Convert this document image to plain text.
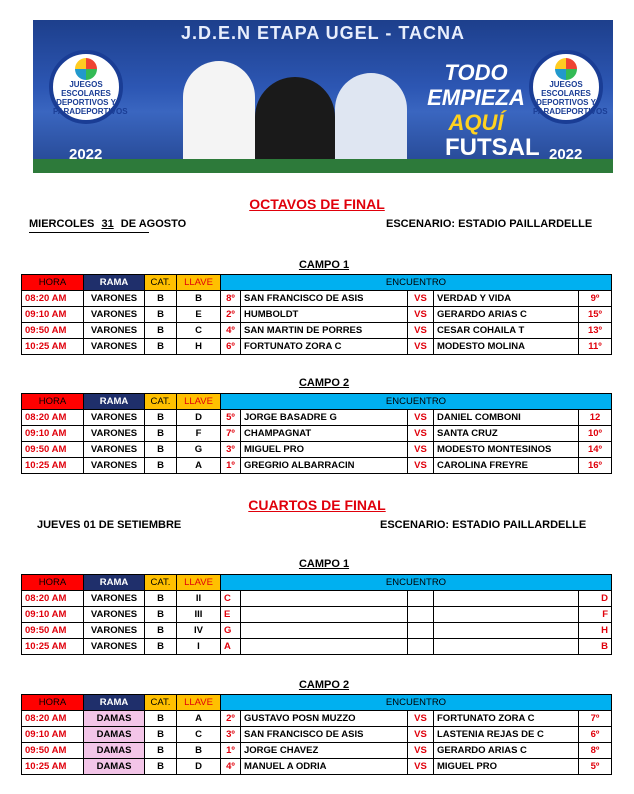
J.D.E.N ETAPA UGEL - TACNA
JUEGOS ESCOLARES DEPORTIVOS Y PARADEPORTIVOS
2022
JUEGOS ESCOLARES DEPORTIVOS Y PARADEPORTIVOS
2022
TODO
EMPIEZA
AQUÍ
FUTSAL
OCTAVOS DE FINAL
MIERCOLES 31 DE AGOSTO	ESCENARIO: ESTADIO PAILLARDELLE
CAMPO 1
HORA	RAMA	CAT.	LLAVE	ENCUENTRO				
08:20 AM	VARONES	B	B	8º	SAN FRANCISCO DE ASIS	VS	VERDAD Y VIDA	9º
09:10 AM	VARONES	B	E	2º	HUMBOLDT	VS	GERARDO ARIAS C	15º
09:50 AM	VARONES	B	C	4º	SAN MARTIN DE PORRES	VS	CESAR COHAILA T	13º
10:25 AM	VARONES	B	H	6º	FORTUNATO ZORA C	VS	MODESTO MOLINA	11º
CAMPO 2
HORA	RAMA	CAT.	LLAVE	ENCUENTRO				
08:20 AM	VARONES	B	D	5º	JORGE BASADRE G	VS	DANIEL COMBONI	12
09:10 AM	VARONES	B	F	7º	CHAMPAGNAT	VS	SANTA CRUZ	10º
09:50 AM	VARONES	B	G	3º	MIGUEL PRO	VS	MODESTO MONTESINOS	14º
10:25 AM	VARONES	B	A	1º	GREGRIO ALBARRACIN	VS	CAROLINA FREYRE	16º
CUARTOS DE FINAL
JUEVES 01 DE SETIEMBRE	ESCENARIO: ESTADIO PAILLARDELLE
CAMPO 1
HORA	RAMA	CAT.	LLAVE	ENCUENTRO				
08:20 AM	VARONES	B	II	C				D
09:10 AM	VARONES	B	III	E				F
09:50 AM	VARONES	B	IV	G				H
10:25 AM	VARONES	B	I	A				B
CAMPO 2
HORA	RAMA	CAT.	LLAVE	ENCUENTRO				
08:20 AM	DAMAS	B	A	2º	GUSTAVO POSN MUZZO	VS	FORTUNATO ZORA C	7º
09:10 AM	DAMAS	B	C	3º	SAN FRANCISCO DE ASIS	VS	LASTENIA REJAS DE C	6º
09:50 AM	DAMAS	B	B	1º	JORGE CHAVEZ	VS	GERARDO ARIAS C	8º
10:25 AM	DAMAS	B	D	4º	MANUEL A ODRIA	VS	MIGUEL PRO	5º
